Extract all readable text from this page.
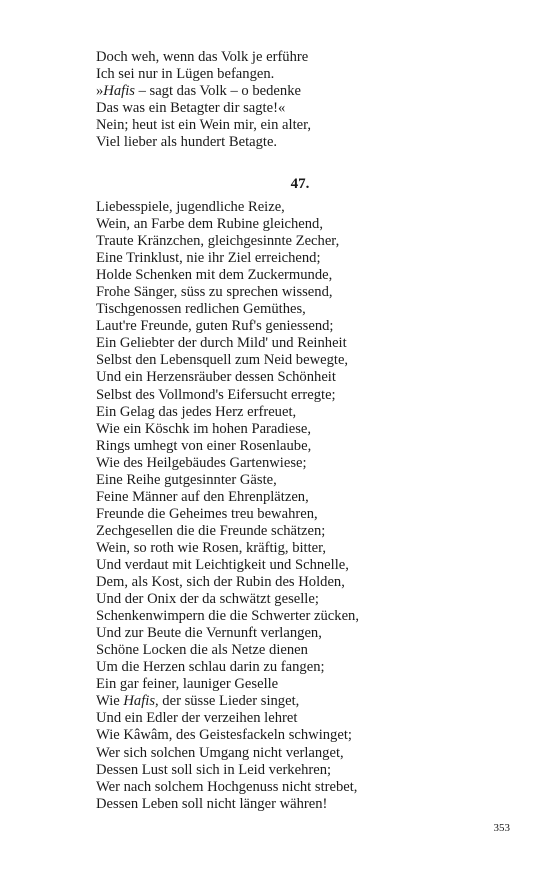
Doch weh, wenn das Volk je erführe
Ich sei nur in Lügen befangen.
»Hafis – sagt das Volk – o bedenke
Das was ein Betagter dir sagte!«
Nein; heut ist ein Wein mir, ein alter,
Viel lieber als hundert Betagte.
47.
Liebesspiele, jugendliche Reize,
Wein, an Farbe dem Rubine gleichend,
Traute Kränzchen, gleichgesinnte Zecher,
Eine Trinklust, nie ihr Ziel erreichend;
Holde Schenken mit dem Zuckermunde,
Frohe Sänger, süss zu sprechen wissend,
Tischgenossen redlichen Gemüthes,
Laut're Freunde, guten Ruf's geniessend;
Ein Geliebter der durch Mild' und Reinheit
Selbst den Lebensquell zum Neid bewegte,
Und ein Herzensräuber dessen Schönheit
Selbst des Vollmond's Eifersucht erregte;
Ein Gelag das jedes Herz erfreuet,
Wie ein Köschk im hohen Paradiese,
Rings umhegt von einer Rosenlaube,
Wie des Heilgebäudes Gartenwiese;
Eine Reihe gutgesinnter Gäste,
Feine Männer auf den Ehrenplätzen,
Freunde die Geheimes treu bewahren,
Zechgesellen die die Freunde schätzen;
Wein, so roth wie Rosen, kräftig, bitter,
Und verdaut mit Leichtigkeit und Schnelle,
Dem, als Kost, sich der Rubin des Holden,
Und der Onix der da schwätzt geselle;
Schenkenwimpern die die Schwerter zücken,
Und zur Beute die Vernunft verlangen,
Schöne Locken die als Netze dienen
Um die Herzen schlau darin zu fangen;
Ein gar feiner, launiger Geselle
Wie Hafis, der süsse Lieder singet,
Und ein Edler der verzeihen lehret
Wie Kâwâm, des Geistesfackeln schwinget;
Wer sich solchen Umgang nicht verlanget,
Dessen Lust soll sich in Leid verkehren;
Wer nach solchem Hochgenuss nicht strebet,
Dessen Leben soll nicht länger währen!
353
